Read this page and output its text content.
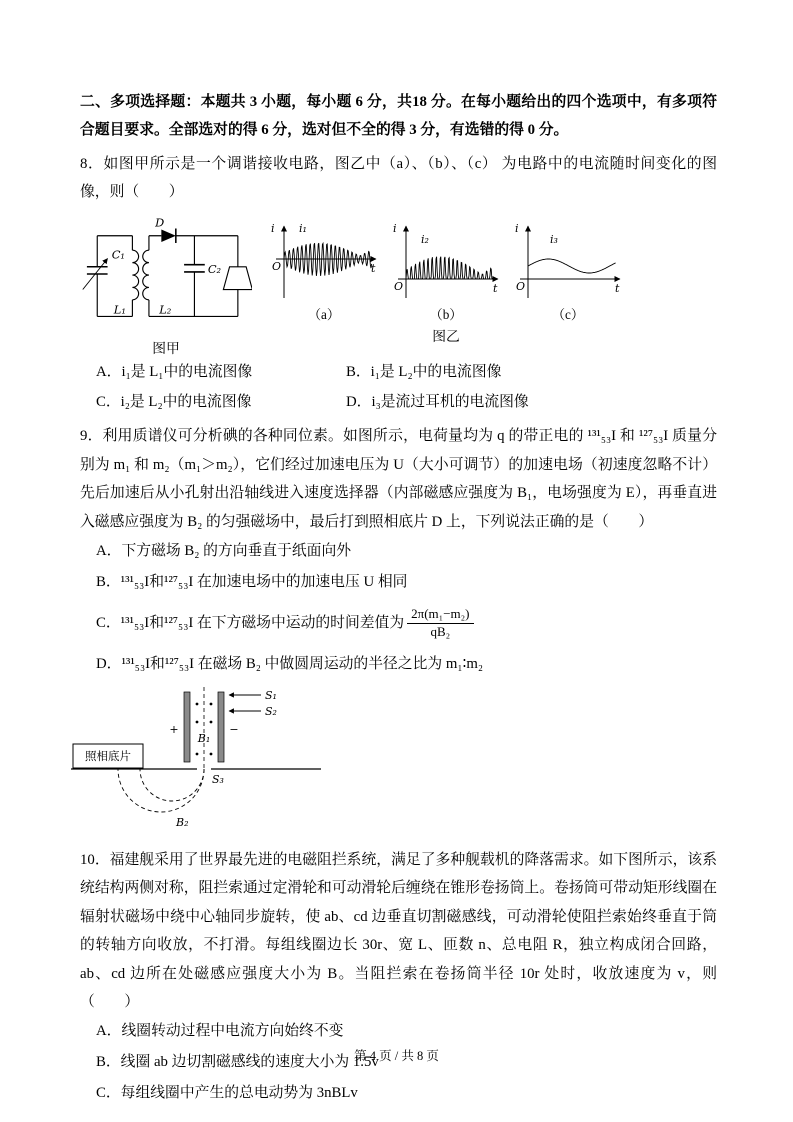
二、多项选择题：本题共 3 小题，每小题 6 分，共18 分。在每小题给出的四个选项中，有多项符合题目要求。全部选对的得 6 分，选对但不全的得 3 分，有选错的得 0 分。

8．如图甲所示是一个调谐接收电路，图乙中（a）、（b）、（c） 为电路中的电流随时间变化的图像，则（　　）

C₁
D
C₂
L₁	L₂
图甲
i i₁
O	t
（a）
i
i₂
O	t
（b）
图乙
i
i₃
O	t
（c）
A．i₁是 L₁中的电流图像	B．i₁是 L₂中的电流图像
C．i₂是 L₂中的电流图像	D．i₃是流过耳机的电流图像

9．利用质谱仪可分析碘的各种同位素。如图所示，电荷量均为 q 的带正电的 ¹³¹₅₃I 和 ¹²⁷₅₃I 质量分别为 m₁ 和 m₂（m₁＞m₂），它们经过加速电压为 U（大小可调节）的加速电场（初速度忽略不计）先后加速后从小孔射出沿轴线进入速度选择器（内部磁感应强度为 B₁，电场强度为 E），再垂直进入磁感应强度为 B₂ 的匀强磁场中，最后打到照相底片 D 上，下列说法正确的是（　　）

A．下方磁场 B₂ 的方向垂直于纸面向外
B．¹³¹₅₃I和¹²⁷₅₃I 在加速电场中的加速电压 U 相同
C．¹³¹₅₃I和¹²⁷₅₃I 在下方磁场中运动的时间差值为 $\frac{\text{2π(m₁−m₂)}}{\text{qB₂}}$
D．¹³¹₅₃I和¹²⁷₅₃I 在磁场 B₂ 中做圆周运动的半径之比为 m₁∶m₂
照相底片
S₁
S₂
S₃
B₁
B₂
+	−

10．福建舰采用了世界最先进的电磁阻拦系统，满足了多种舰载机的降落需求。如下图所示，该系统结构两侧对称，阻拦索通过定滑轮和可动滑轮后缠绕在锥形卷扬筒上。卷扬筒可带动矩形线圈在辐射状磁场中绕中心轴同步旋转，使 ab、cd 边垂直切割磁感线，可动滑轮使阻拦索始终垂直于筒的转轴方向收放，不打滑。每组线圈边长 30r、宽 L、匝数 n、总电阻 R，独立构成闭合回路，ab、cd 边所在处磁感应强度大小为 B。当阻拦索在卷扬筒半径 10r 处时，收放速度为 v，则（　　）

A．线圈转动过程中电流方向始终不变
B．线圈 ab 边切割磁感线的速度大小为 1.5v
C．每组线圈中产生的总电动势为 3nBLv
第 4 页 / 共 8 页
